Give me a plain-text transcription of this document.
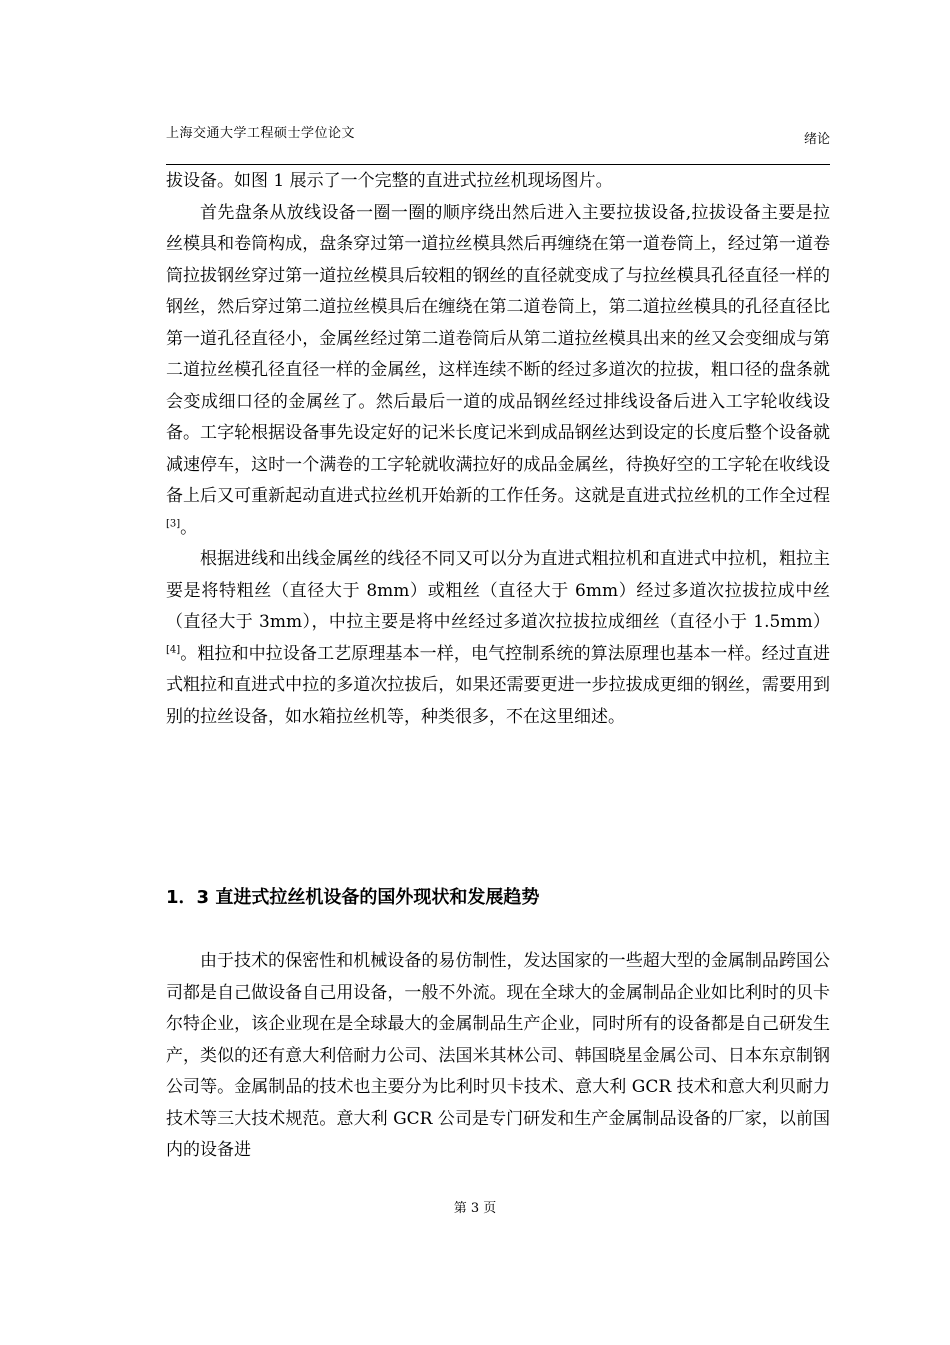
上海交通大学工程硕士学位论文	绪论

拔设备。如图 1 展示了一个完整的直进式拉丝机现场图片。

首先盘条从放线设备一圈一圈的顺序绕出然后进入主要拉拔设备,拉拔设备主要是拉丝模具和卷筒构成，盘条穿过第一道拉丝模具然后再缠绕在第一道卷筒上，经过第一道卷筒拉拔钢丝穿过第一道拉丝模具后较粗的钢丝的直径就变成了与拉丝模具孔径直径一样的钢丝，然后穿过第二道拉丝模具后在缠绕在第二道卷筒上，第二道拉丝模具的孔径直径比第一道孔径直径小，金属丝经过第二道卷筒后从第二道拉丝模具出来的丝又会变细成与第二道拉丝模孔径直径一样的金属丝，这样连续不断的经过多道次的拉拔，粗口径的盘条就会变成细口径的金属丝了。然后最后一道的成品钢丝经过排线设备后进入工字轮收线设备。工字轮根据设备事先设定好的记米长度记米到成品钢丝达到设定的长度后整个设备就减速停车，这时一个满卷的工字轮就收满拉好的成品金属丝，待换好空的工字轮在收线设备上后又可重新起动直进式拉丝机开始新的工作任务。这就是直进式拉丝机的工作全过程[3]。

根据进线和出线金属丝的线径不同又可以分为直进式粗拉机和直进式中拉机，粗拉主要是将特粗丝（直径大于 8mm）或粗丝（直径大于 6mm）经过多道次拉拔拉成中丝（直径大于 3mm），中拉主要是将中丝经过多道次拉拔拉成细丝（直径小于 1.5mm）[4]。粗拉和中拉设备工艺原理基本一样，电气控制系统的算法原理也基本一样。经过直进式粗拉和直进式中拉的多道次拉拔后，如果还需要更进一步拉拔成更细的钢丝，需要用到别的拉丝设备，如水箱拉丝机等，种类很多，不在这里细述。

1．3 直进式拉丝机设备的国外现状和发展趋势

由于技术的保密性和机械设备的易仿制性，发达国家的一些超大型的金属制品跨国公司都是自己做设备自己用设备，一般不外流。现在全球大的金属制品企业如比利时的贝卡尔特企业，该企业现在是全球最大的金属制品生产企业，同时所有的设备都是自己研发生产，类似的还有意大利倍耐力公司、法国米其林公司、韩国晓星金属公司、日本东京制钢公司等。金属制品的技术也主要分为比利时贝卡技术、意大利 GCR 技术和意大利贝耐力技术等三大技术规范。意大利 GCR 公司是专门研发和生产金属制品设备的厂家，以前国内的设备进

第 3 页
